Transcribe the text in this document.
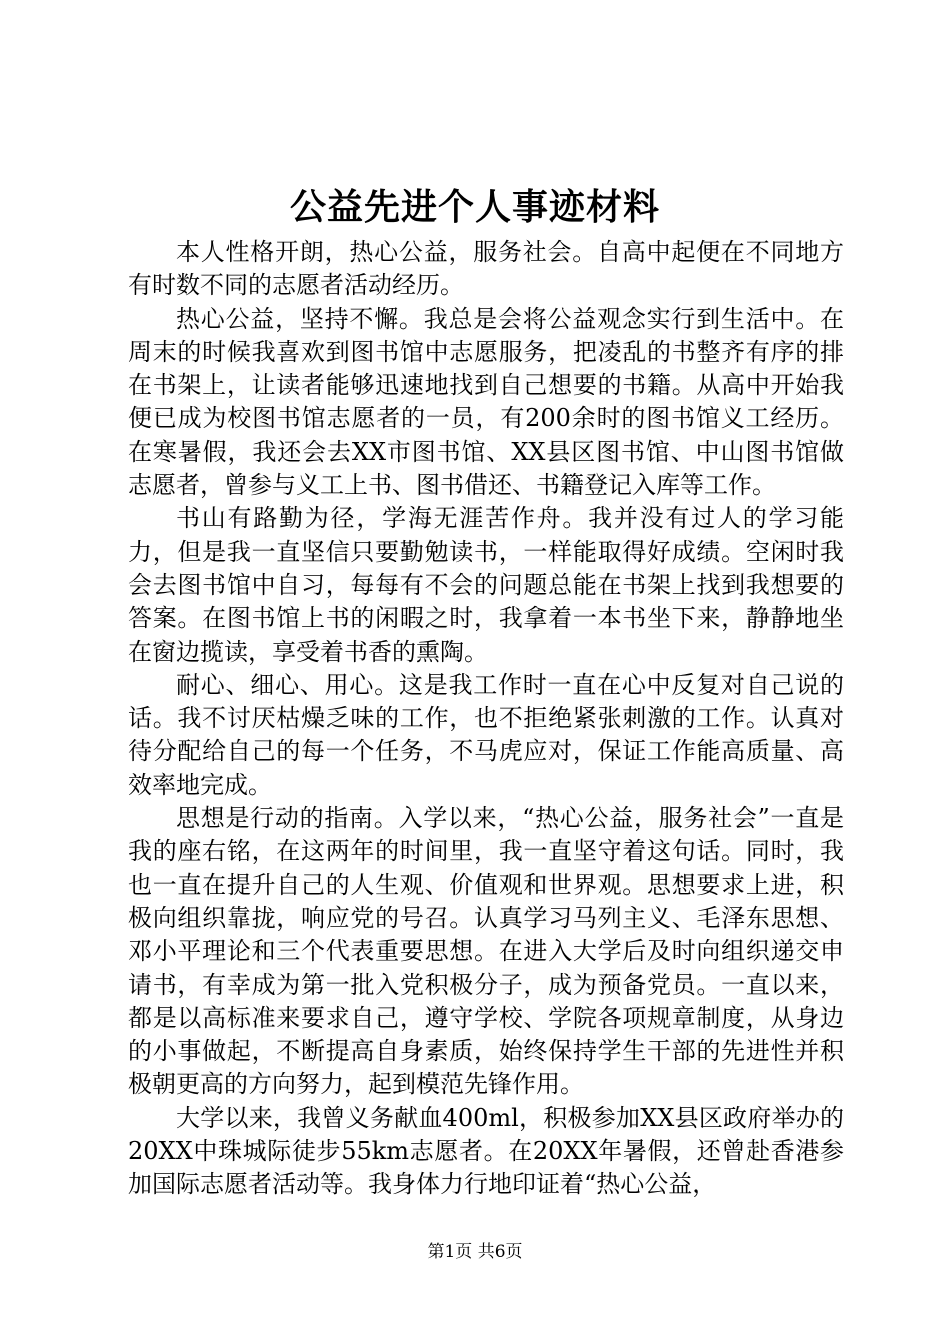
公益先进个人事迹材料

本人性格开朗，热心公益，服务社会。自高中起便在不同地方有时数不同的志愿者活动经历。

热心公益，坚持不懈。我总是会将公益观念实行到生活中。在周末的时候我喜欢到图书馆中志愿服务，把凌乱的书整齐有序的排在书架上，让读者能够迅速地找到自己想要的书籍。从高中开始我便已成为校图书馆志愿者的一员，有200余时的图书馆义工经历。在寒暑假，我还会去XX市图书馆、XX县区图书馆、中山图书馆做志愿者，曾参与义工上书、图书借还、书籍登记入库等工作。

书山有路勤为径，学海无涯苦作舟。我并没有过人的学习能力，但是我一直坚信只要勤勉读书，一样能取得好成绩。空闲时我会去图书馆中自习，每每有不会的问题总能在书架上找到我想要的答案。在图书馆上书的闲暇之时，我拿着一本书坐下来，静静地坐在窗边揽读，享受着书香的熏陶。

耐心、细心、用心。这是我工作时一直在心中反复对自己说的话。我不讨厌枯燥乏味的工作，也不拒绝紧张刺激的工作。认真对待分配给自己的每一个任务，不马虎应对，保证工作能高质量、高效率地完成。

思想是行动的指南。入学以来，“热心公益，服务社会”一直是我的座右铭，在这两年的时间里，我一直坚守着这句话。同时，我也一直在提升自己的人生观、价值观和世界观。思想要求上进，积极向组织靠拢，响应党的号召。认真学习马列主义、毛泽东思想、邓小平理论和三个代表重要思想。在进入大学后及时向组织递交申请书，有幸成为第一批入党积极分子，成为预备党员。一直以来，都是以高标准来要求自己，遵守学校、学院各项规章制度，从身边的小事做起，不断提高自身素质，始终保持学生干部的先进性并积极朝更高的方向努力，起到模范先锋作用。

大学以来，我曾义务献血400ml，积极参加XX县区政府举办的20XX中珠城际徒步55km志愿者。在20XX年暑假，还曾赴香港参加国际志愿者活动等。我身体力行地印证着“热心公益，

第1页 共6页
